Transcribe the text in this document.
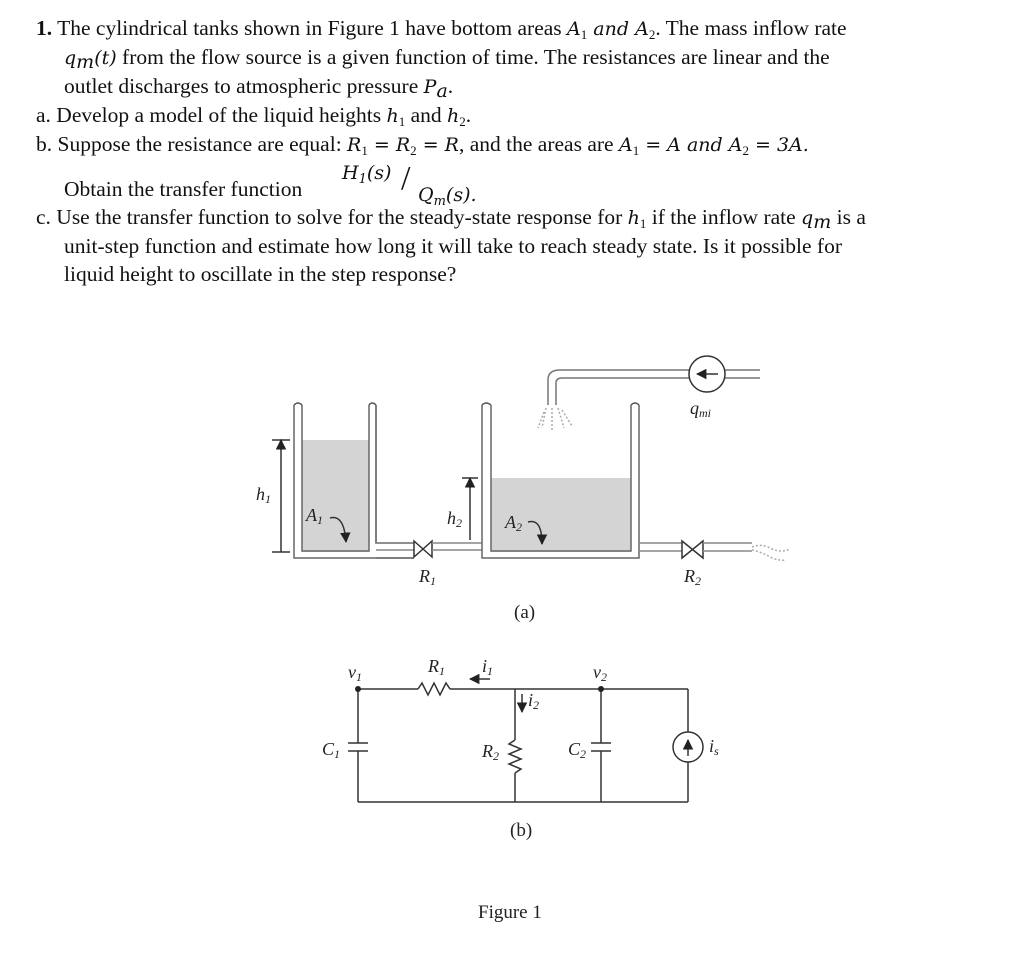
1. The cylindrical tanks shown in Figure 1 have bottom areas $A_1$ and $A_2$. The mass inflow rate
$q_m(t)$ from the flow source is a given function of time. The resistances are linear and the
outlet discharges to atmospheric pressure $P_a$.
a. Develop a model of the liquid heights $h_1$ and $h_2$.
b. Suppose the resistance are equal: $R_1 = R_2 = R$, and the areas are $A_1 = A$ and $A_2 = 3A$.
Obtain the transfer function
$H_1(s) / Q_m(s)$.
c. Use the transfer function to solve for the steady-state response for $h_1$ if the inflow rate $q_m$ is a
unit-step function and estimate how long it will take to reach steady state. Is it possible for
liquid height to oscillate in the step response?
h1
A1	h2 A2
R1	R2
qmi
(a)
v1	v2
R1 i1
i2
R2
C1	C2	is
(b)
Figure 1
